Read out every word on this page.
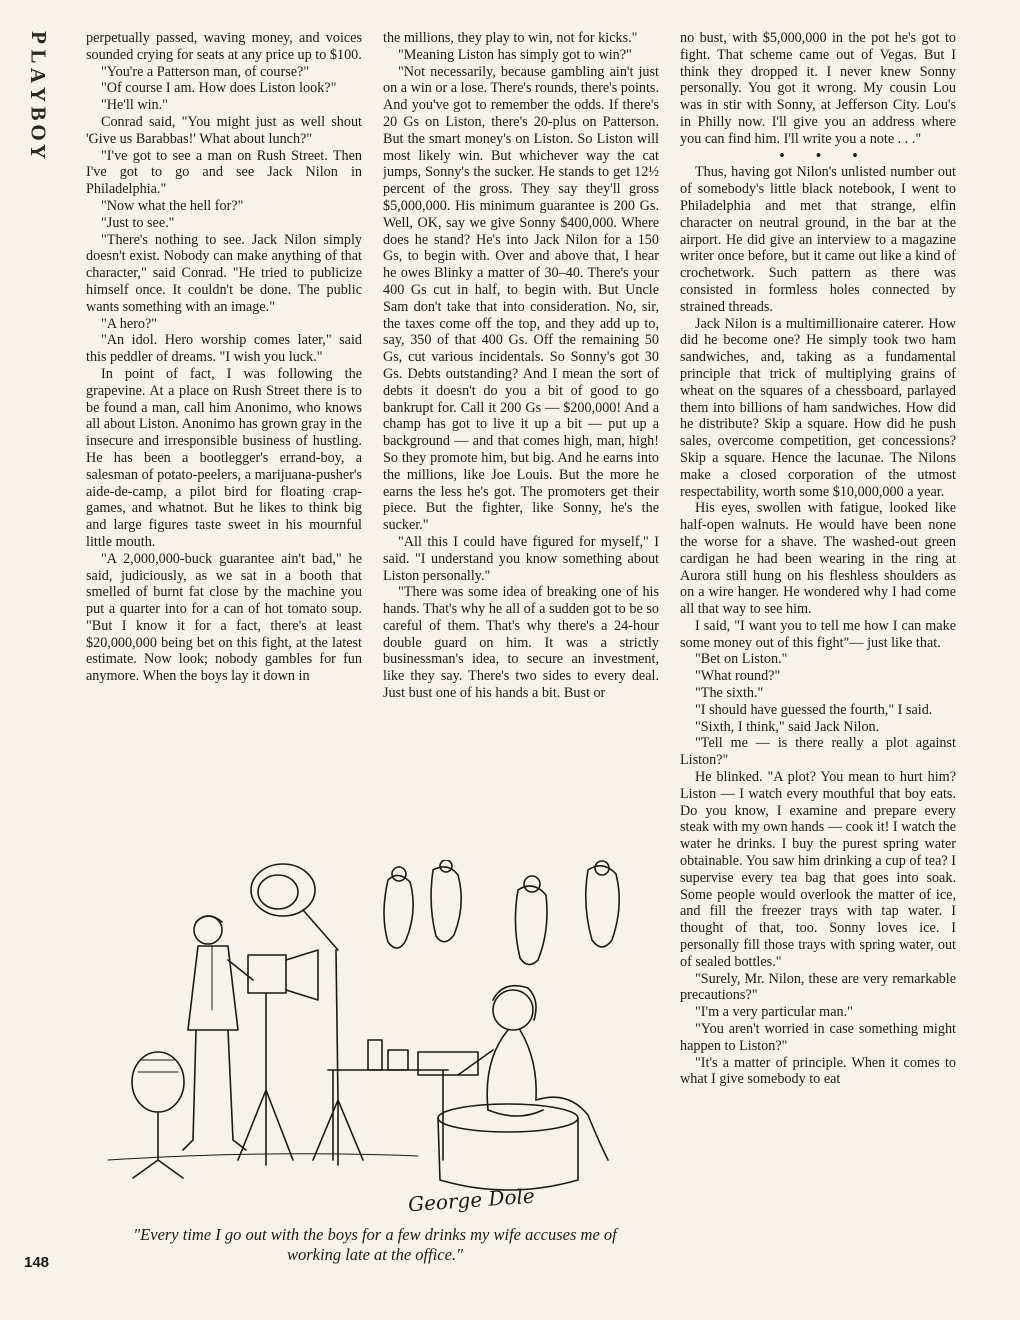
P
L
A
Y
B
O
Y

perpetually passed, waving money, and voices sounded crying for seats at any price up to $100.

"You're a Patterson man, of course?"

"Of course I am. How does Liston look?"

"He'll win."

Conrad said, "You might just as well shout 'Give us Barabbas!' What about lunch?"

"I've got to see a man on Rush Street. Then I've got to go and see Jack Nilon in Philadelphia."

"Now what the hell for?"

"Just to see."

"There's nothing to see. Jack Nilon simply doesn't exist. Nobody can make anything of that character," said Conrad. "He tried to publicize himself once. It couldn't be done. The public wants something with an image."

"A hero?"

"An idol. Hero worship comes later," said this peddler of dreams. "I wish you luck."

In point of fact, I was following the grapevine. At a place on Rush Street there is to be found a man, call him Anonimo, who knows all about Liston. Anonimo has grown gray in the insecure and irresponsible business of hustling. He has been a bootlegger's errand-boy, a salesman of potato-peelers, a marijuana-pusher's aide-de-camp, a pilot bird for floating crap-games, and whatnot. But he likes to think big and large figures taste sweet in his mournful little mouth.

"A 2,000,000-buck guarantee ain't bad," he said, judiciously, as we sat in a booth that smelled of burnt fat close by the machine you put a quarter into for a can of hot tomato soup. "But I know it for a fact, there's at least $20,000,000 being bet on this fight, at the latest estimate. Now look; nobody gambles for fun anymore. When the boys lay it down in

the millions, they play to win, not for kicks."

"Meaning Liston has simply got to win?"

"Not necessarily, because gambling ain't just on a win or a lose. There's rounds, there's points. And you've got to remember the odds. If there's 20 Gs on Liston, there's 20-plus on Patterson. But the smart money's on Liston. So Liston will most likely win. But whichever way the cat jumps, Sonny's the sucker. He stands to get 12½ percent of the gross. They say they'll gross $5,000,000. His minimum guarantee is 200 Gs. Well, OK, say we give Sonny $400,000. Where does he stand? He's into Jack Nilon for a 150 Gs, to begin with. Over and above that, I hear he owes Blinky a matter of 30–40. There's your 400 Gs cut in half, to begin with. But Uncle Sam don't take that into consideration. No, sir, the taxes come off the top, and they add up to, say, 350 of that 400 Gs. Off the remaining 50 Gs, cut various incidentals. So Sonny's got 30 Gs. Debts outstanding? And I mean the sort of debts it doesn't do you a bit of good to go bankrupt for. Call it 200 Gs — $200,000! And a champ has got to live it up a bit — put up a background — and that comes high, man, high! So they promote him, but big. And he earns into the millions, like Joe Louis. But the more he earns the less he's got. The promoters get their piece. But the fighter, like Sonny, he's the sucker."

"All this I could have figured for myself," I said. "I understand you know something about Liston personally."

"There was some idea of breaking one of his hands. That's why he all of a sudden got to be so careful of them. That's why there's a 24-hour double guard on him. It was a strictly businessman's idea, to secure an investment, like they say. There's two sides to every deal. Just bust one of his hands a bit. Bust or

no bust, with $5,000,000 in the pot he's got to fight. That scheme came out of Vegas. But I think they dropped it. I never knew Sonny personally. You got it wrong. My cousin Lou was in stir with Sonny, at Jefferson City. Lou's in Philly now. I'll give you an address where you can find him. I'll write you a note . . ."

• • •

Thus, having got Nilon's unlisted number out of somebody's little black notebook, I went to Philadelphia and met that strange, elfin character on neutral ground, in the bar at the airport. He did give an interview to a magazine writer once before, but it came out like a kind of crochetwork. Such pattern as there was consisted in formless holes connected by strained threads.

Jack Nilon is a multimillionaire caterer. How did he become one? He simply took two ham sandwiches, and, taking as a fundamental principle that trick of multiplying grains of wheat on the squares of a chessboard, parlayed them into billions of ham sandwiches. How did he distribute? Skip a square. How did he push sales, overcome competition, get concessions? Skip a square. Hence the lacunae. The Nilons make a closed corporation of the utmost respectability, worth some $10,000,000 a year.

His eyes, swollen with fatigue, looked like half-open walnuts. He would have been none the worse for a shave. The washed-out green cardigan he had been wearing in the ring at Aurora still hung on his fleshless shoulders as on a wire hanger. He wondered why I had come all that way to see him.

I said, "I want you to tell me how I can make some money out of this fight"— just like that.

"Bet on Liston."

"What round?"

"The sixth."

"I should have guessed the fourth," I said.

"Sixth, I think," said Jack Nilon.

"Tell me — is there really a plot against Liston?"

He blinked. "A plot? You mean to hurt him? Liston — I watch every mouthful that boy eats. Do you know, I examine and prepare every steak with my own hands — cook it! I watch the water he drinks. I buy the purest spring water obtainable. You saw him drinking a cup of tea? I supervise every tea bag that goes into soak. Some people would overlook the matter of ice, and fill the freezer trays with tap water. I thought of that, too. Sonny loves ice. I personally fill those trays with spring water, out of sealed bottles."

"Surely, Mr. Nilon, these are very remarkable precautions?"

"I'm a very particular man."

"You aren't worried in case something might happen to Liston?"

"It's a matter of principle. When it comes to what I give somebody to eat

George Dole
"Every time I go out with the boys for a few drinks my wife accuses me of working late at the office."
148
